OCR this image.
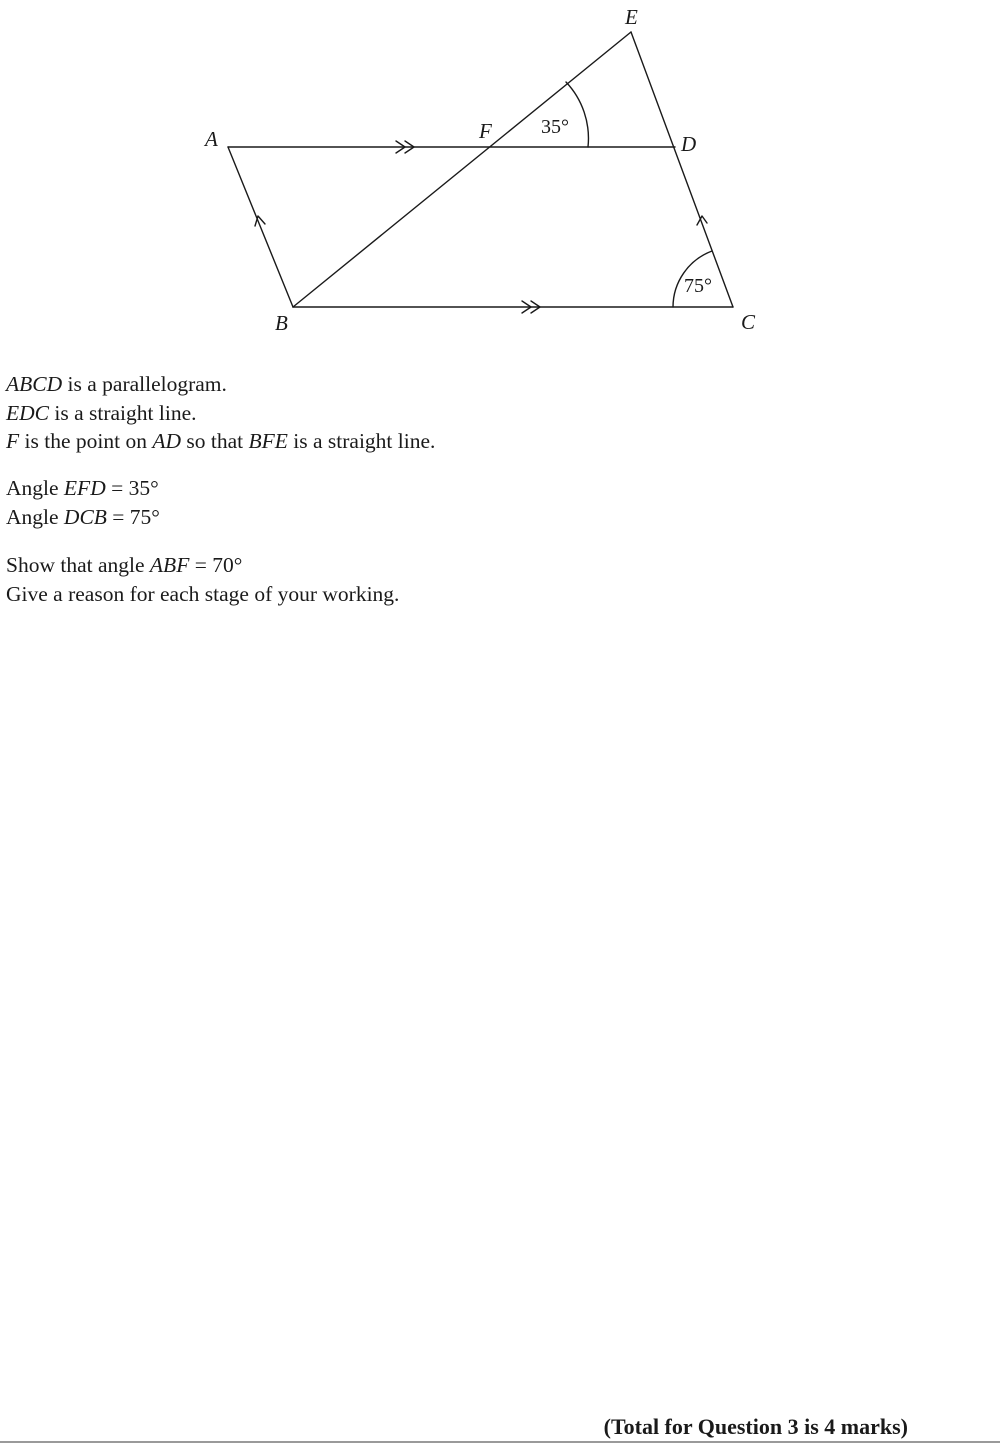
E
A	F
D
B	C
35°
75°

ABCD is a parallelogram.

EDC is a straight line.

F is the point on AD so that BFE is a straight line.

Angle EFD = 35°

Angle DCB = 75°

Show that angle ABF = 70°

Give a reason for each stage of your working.

(Total for Question 3 is 4 marks)
